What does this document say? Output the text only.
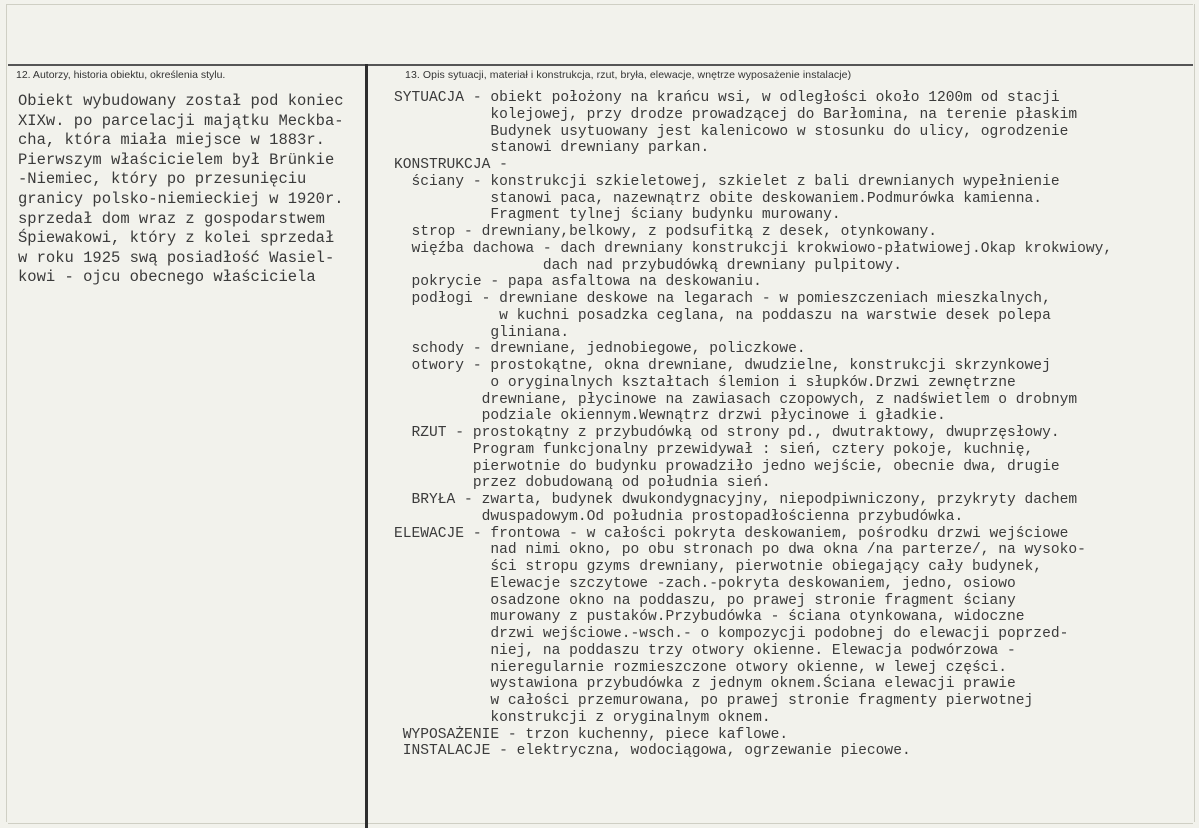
12. Autorzy, historia obiektu, określenia stylu.	13. Opis sytuacji, materiał i konstrukcja, rzut, bryła, elewacje, wnętrze wyposażenie instalacje)
Obiekt wybudowany został pod koniec
XIXw. po parcelacji majątku Meckba-
cha, która miała miejsce w 1883r.
Pierwszym właścicielem był Brünkie
-Niemiec, który po przesunięciu
granicy polsko-niemieckiej w 1920r.
sprzedał dom wraz z gospodarstwem
Śpiewakowi, który z kolei sprzedał
w roku 1925 swą posiadłość Wasiel-
kowi - ojcu obecnego właściciela
SYTUACJA - obiekt położony na krańcu wsi, w odległości około 1200m od stacji
kolejowej, przy drodze prowadzącej do Barłomina, na terenie płaskim
Budynek usytuowany jest kalenicowo w stosunku do ulicy, ogrodzenie
stanowi drewniany parkan.
KONSTRUKCJA -
ściany - konstrukcji szkieletowej, szkielet z bali drewnianych wypełnienie
stanowi paca, nazewnątrz obite deskowaniem.Podmurówka kamienna.
Fragment tylnej ściany budynku murowany.
strop - drewniany,belkowy, z podsufitką z desek, otynkowany.
więźba dachowa - dach drewniany konstrukcji krokwiowo-płatwiowej.Okap krokwiowy,
dach nad przybudówką drewniany pulpitowy.
pokrycie - papa asfaltowa na deskowaniu.
podłogi - drewniane deskowe na legarach - w pomieszczeniach mieszkalnych,
w kuchni posadzka ceglana, na poddaszu na warstwie desek polepa
gliniana.
schody - drewniane, jednobiegowe, policzkowe.
otwory - prostokątne, okna drewniane, dwudzielne, konstrukcji skrzynkowej
o oryginalnych kształtach ślemion i słupków.Drzwi zewnętrzne
drewniane, płycinowe na zawiasach czopowych, z nadświetlem o drobnym
podziale okiennym.Wewnątrz drzwi płycinowe i gładkie.
RZUT - prostokątny z przybudówką od strony pd., dwutraktowy, dwuprzęsłowy.
Program funkcjonalny przewidywał : sień, cztery pokoje, kuchnię,
pierwotnie do budynku prowadziło jedno wejście, obecnie dwa, drugie
przez dobudowaną od południa sień.
BRYŁA - zwarta, budynek dwukondygnacyjny, niepodpiwniczony, przykryty dachem
dwuspadowym.Od południa prostopadłościenna przybudówka.
ELEWACJE - frontowa - w całości pokryta deskowaniem, pośrodku drzwi wejściowe
nad nimi okno, po obu stronach po dwa okna /na parterze/, na wysoko-
ści stropu gzyms drewniany, pierwotnie obiegający cały budynek,
Elewacje szczytowe -zach.-pokryta deskowaniem, jedno, osiowo
osadzone okno na poddaszu, po prawej stronie fragment ściany
murowany z pustaków.Przybudówka - ściana otynkowana, widoczne
drzwi wejściowe.-wsch.- o kompozycji podobnej do elewacji poprzed-
niej, na poddaszu trzy otwory okienne. Elewacja podwórzowa -
nieregularnie rozmieszczone otwory okienne, w lewej części.
wystawiona przybudówka z jednym oknem.Ściana elewacji prawie
w całości przemurowana, po prawej stronie fragmenty pierwotnej
konstrukcji z oryginalnym oknem.
WYPOSAŻENIE - trzon kuchenny, piece kaflowe.
INSTALACJE - elektryczna, wodociągowa, ogrzewanie piecowe.
